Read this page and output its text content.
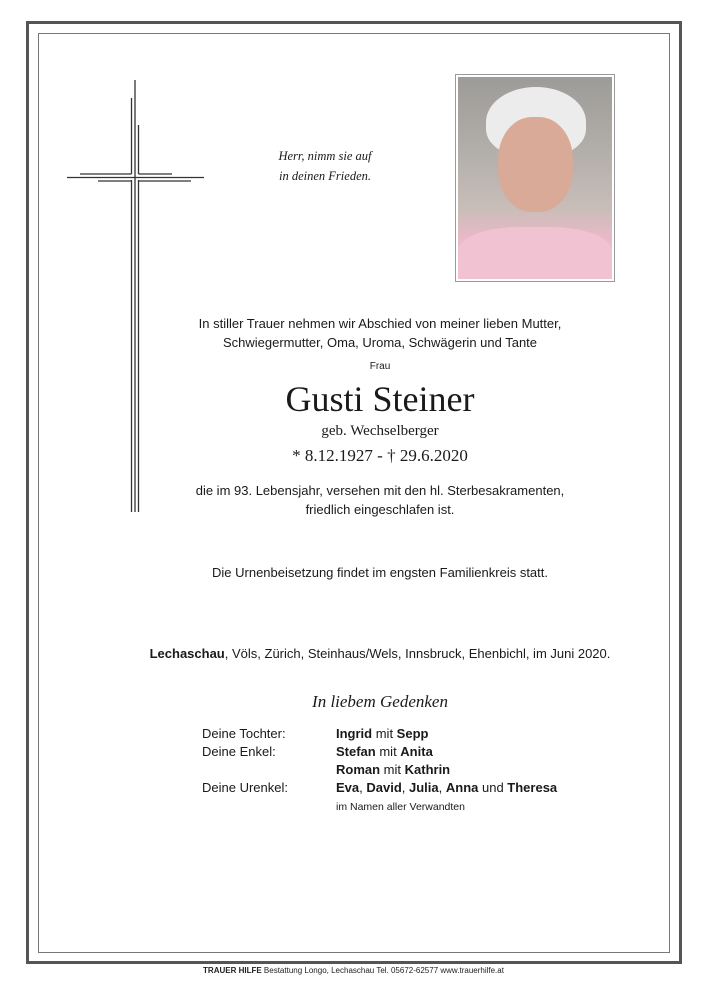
Herr, nimm sie auf
in deinen Frieden.
In stiller Trauer nehmen wir Abschied von meiner lieben Mutter,
Schwiegermutter, Oma, Uroma, Schwägerin und Tante
Frau
Gusti Steiner
geb. Wechselberger
* 8.12.1927 - † 29.6.2020
die im 93. Lebensjahr, versehen mit den hl. Sterbesakramenten,
friedlich eingeschlafen ist.
Die Urnenbeisetzung findet im engsten Familienkreis statt.
Lechaschau, Völs, Zürich, Steinhaus/Wels, Innsbruck, Ehenbichl, im Juni 2020.
In liebem Gedenken
Deine Tochter:	Ingrid mit Sepp
Deine Enkel:	Stefan mit Anita
Roman mit Kathrin
Deine Urenkel:	Eva, David, Julia, Anna und Theresa
im Namen aller Verwandten
TRAUER HILFE Bestattung Longo, Lechaschau Tel. 05672-62577 www.trauerhilfe.at
